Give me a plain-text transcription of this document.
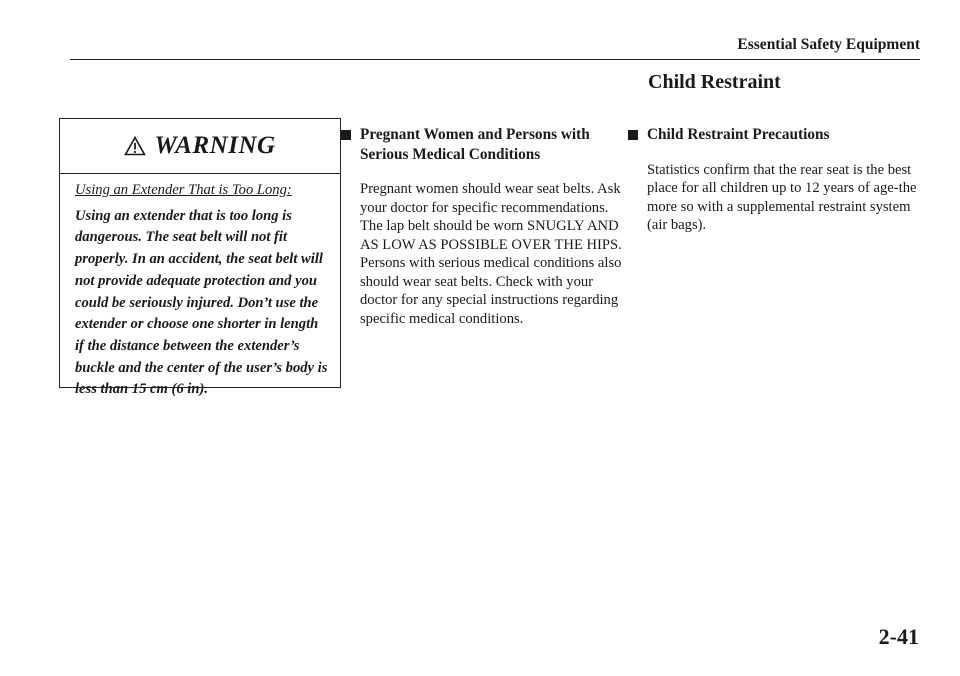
Essential Safety Equipment
Child Restraint
WARNING
Using an Extender That is Too Long:
Using an extender that is too long is dangerous. The seat belt will not fit properly. In an accident, the seat belt will not provide adequate protection and you could be seriously injured. Don’t use the extender or choose one shorter in length if the distance between the extender’s buckle and the center of the user’s body is less than 15 cm (6 in).
Pregnant Women and Persons with Serious Medical Conditions
Pregnant women should wear seat belts. Ask your doctor for specific recommendations. The lap belt should be worn SNUGLY AND AS LOW AS POSSIBLE OVER THE HIPS.
Persons with serious medical conditions also should wear seat belts. Check with your doctor for any special instructions regarding specific medical conditions.
Child Restraint Precautions
Statistics confirm that the rear seat is the best place for all children up to 12 years of age-the more so with a supplemental restraint system (air bags).
2-41
